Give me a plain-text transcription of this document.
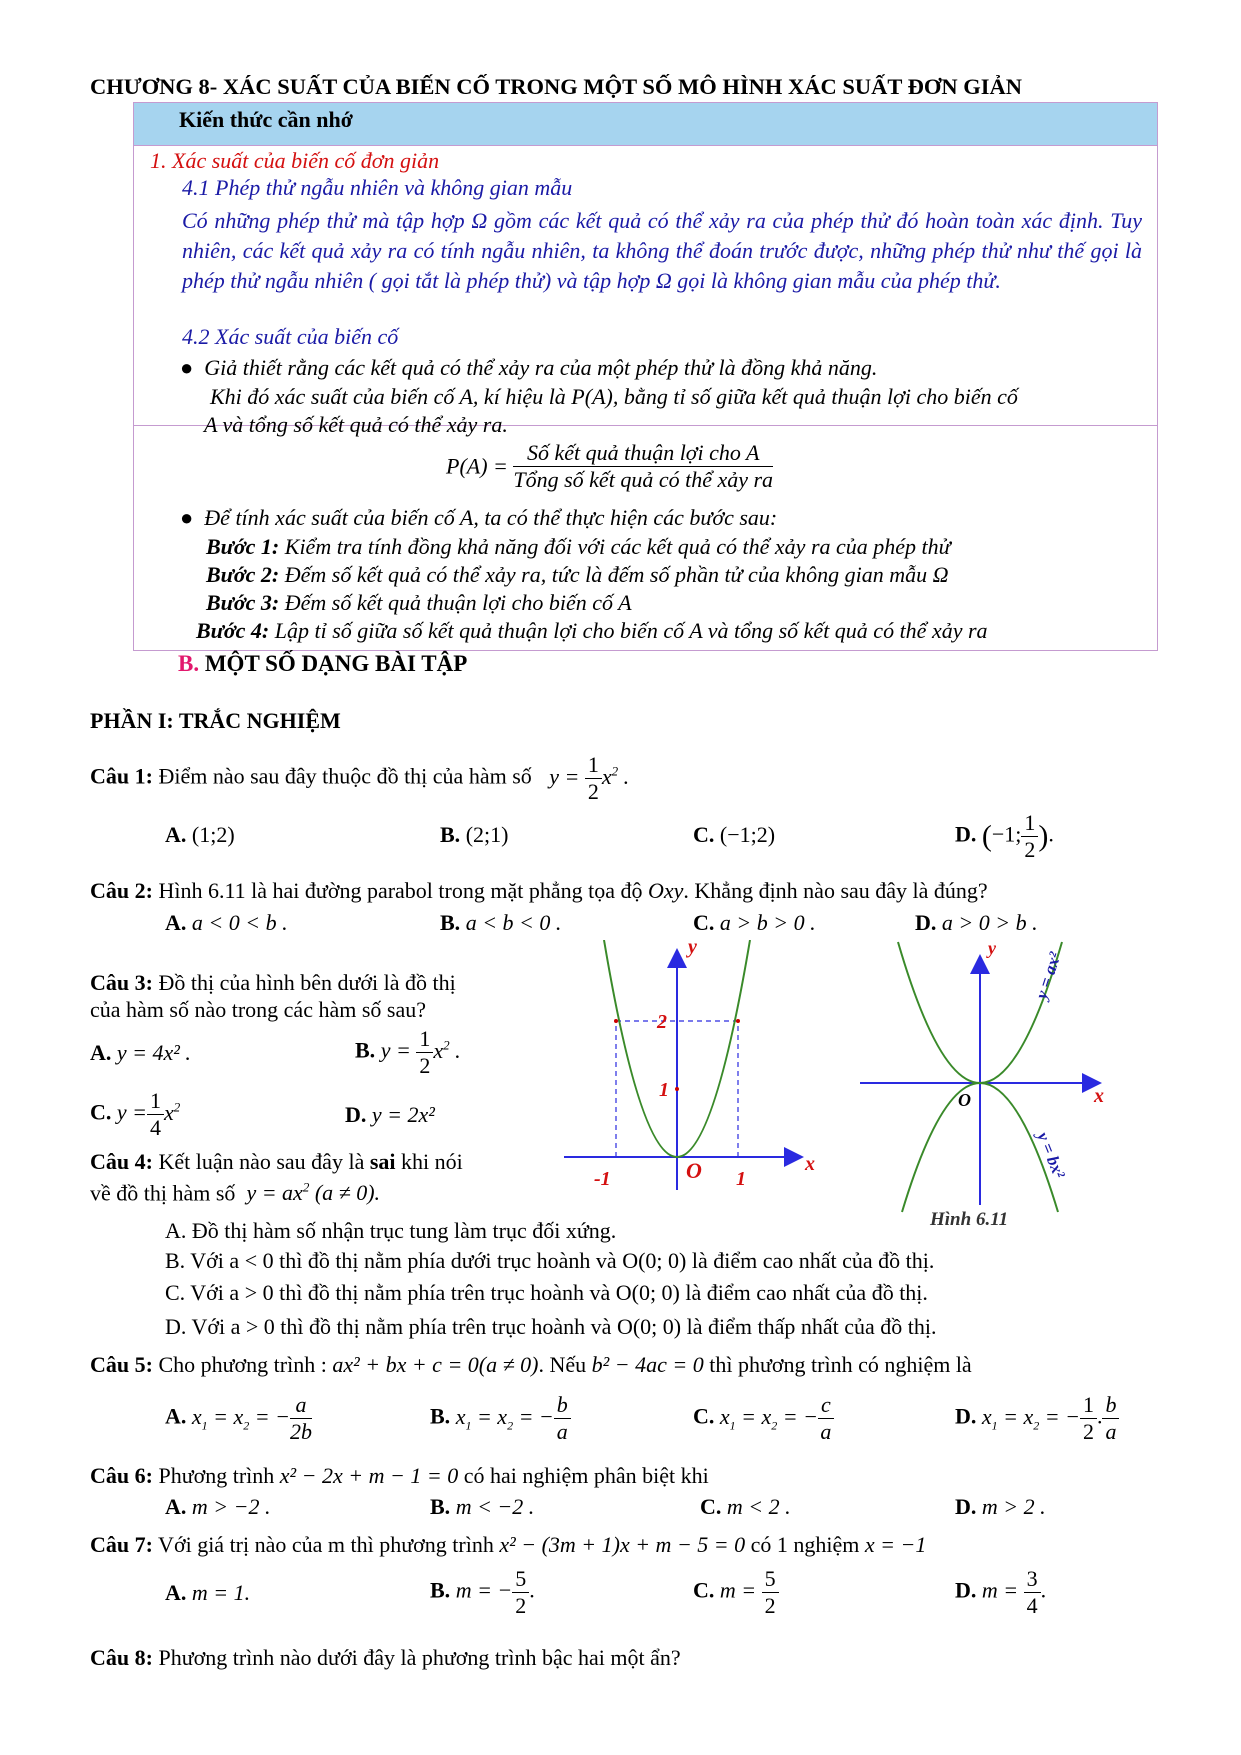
CHƯƠNG 8- XÁC SUẤT CỦA BIẾN CỐ TRONG MỘT SỐ MÔ HÌNH XÁC SUẤT ĐƠN GIẢN
Kiến thức cần nhớ
1. Xác suất của biến cố đơn giản
4.1 Phép thử ngẫu nhiên và không gian mẫu
Có những phép thử mà tập hợp Ω gồm các kết quả có thể xảy ra của phép thử đó hoàn toàn xác định. Tuy nhiên, các kết quả xảy ra có tính ngẫu nhiên, ta không thể đoán trước được, những phép thử như thế gọi là phép thử ngẫu nhiên ( gọi tắt là phép thử) và tập hợp Ω gọi là không gian mẫu của phép thử.
4.2 Xác suất của biến cố
● Giả thiết rằng các kết quả có thể xảy ra của một phép thử là đồng khả năng.
Khi đó xác suất của biến cố A, kí hiệu là P(A), bằng tỉ số giữa kết quả thuận lợi cho biến cố
A và tổng số kết quả có thể xảy ra.
$P(A) = \frac{\text{Số kết quả thuận lợi cho A}}{\text{Tổng số kết quả có thể xảy ra}}$
● Để tính xác suất của biến cố A, ta có thể thực hiện các bước sau:
Bước 1: Kiểm tra tính đồng khả năng đối với các kết quả có thể xảy ra của phép thử
Bước 2: Đếm số kết quả có thể xảy ra, tức là đếm số phần tử của không gian mẫu Ω
Bước 3: Đếm số kết quả thuận lợi cho biến cố A
Bước 4: Lập tỉ số giữa số kết quả thuận lợi cho biến cố A và tổng số kết quả có thể xảy ra
B. MỘT SỐ DẠNG BÀI TẬP
PHẦN I: TRẮC NGHIỆM
Câu 1: Điểm nào sau đây thuộc đồ thị của hàm số $y = \frac{1}{2} x^2$ .
A. (1;2)	B. (2;1)	C. (−1;2)	D. (−1; $\frac{1}{2}$ ).
Câu 2: Hình 6.11 là hai đường parabol trong mặt phẳng tọa độ Oxy. Khẳng định nào sau đây là đúng?
A. a < 0 < b .	B. a < b < 0 .	C. a > b > 0 .	D. a > 0 > b .
Câu 3: Đồ thị của hình bên dưới là đồ thị
của hàm số nào trong các hàm số sau?
A. y = 4x² .	B. $y = \frac{1}{2} x^2$ .
C. $y = \frac{1}{4} x^2$	D. y = 2x²
Câu 4: Kết luận nào sau đây là sai khi nói
về đồ thị hàm số $y = ax^2$ (a ≠ 0).
A. Đồ thị hàm số nhận trục tung làm trục đối xứng.
B. Với a < 0 thì đồ thị nằm phía dưới trục hoành và O(0; 0) là điểm cao nhất của đồ thị.
C. Với a > 0 thì đồ thị nằm phía trên trục hoành và O(0; 0) là điểm cao nhất của đồ thị.
D. Với a > 0 thì đồ thị nằm phía trên trục hoành và O(0; 0) là điểm thấp nhất của đồ thị.
Câu 5: Cho phương trình : ax² + bx + c = 0(a ≠ 0). Nếu b² − 4ac = 0 thì phương trình có nghiệm là
A. $x_1 = x_2$ = − $\frac{a}{2b}$	B. $x_1 = x_2$ = − $\frac{b}{a}$	C. $x_1 = x_2$ = − $\frac{c}{a}$	D. $x_1 = x_2$ = − $\frac{1}{2}$ . $\frac{b}{a}$
Câu 6: Phương trình x² − 2x + m − 1 = 0 có hai nghiệm phân biệt khi
A. m > −2 .	B. m < −2 .	C. m < 2 .	D. m > 2 .
Câu 7: Với giá trị nào của m thì phương trình x² − (3m + 1)x + m − 5 = 0 có 1 nghiệm x = −1
A. m = 1.	B. m = − $\frac{5}{2}$ .	C. $m = \frac{5}{2}$	D. $m = \frac{3}{4}$ .
Câu 8: Phương trình nào dưới đây là phương trình bậc hai một ẩn?
y
x
2
1
O
-1	1
y
x
O
y = ax²
y = bx²
Hình 6.11
